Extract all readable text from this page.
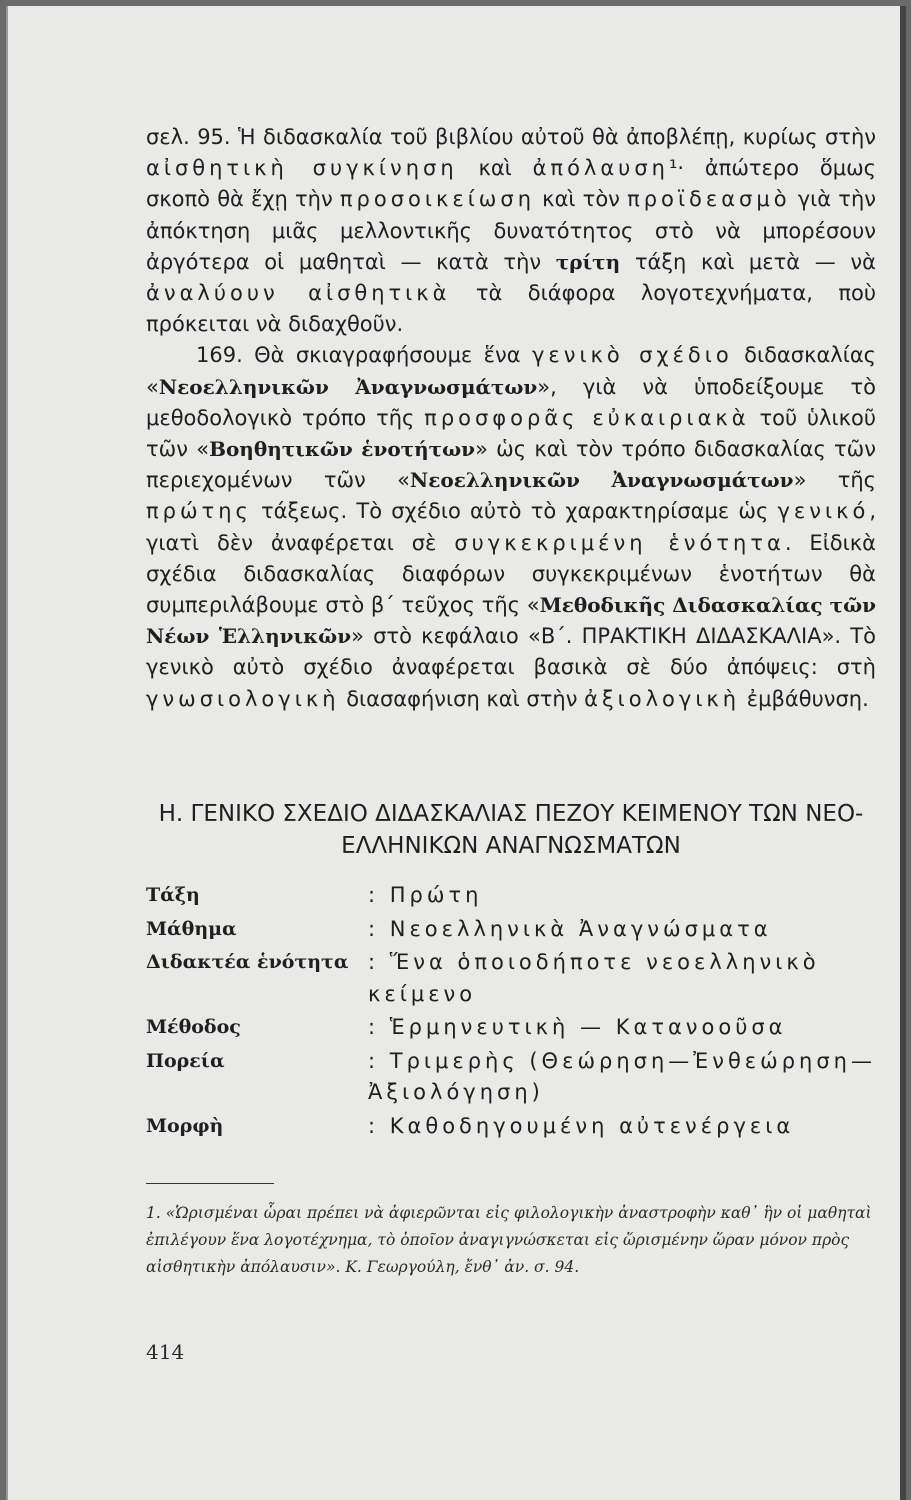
σελ. 95. Ἡ διδασκαλία τοῦ βιβλίου αὐτοῦ θὰ ἀποβλέπῃ, κυρίως στὴν αἰσθητικὴ συγκίνηση καὶ ἀπόλαυση¹· ἀπώτερο ὅμως σκοπὸ θὰ ἔχῃ τὴν προσοικείωση καὶ τὸν προϊδεασμὸ γιὰ τὴν ἀπόκτηση μιᾶς μελλοντικῆς δυνατότητος στὸ νὰ μπορέσουν ἀργότερα οἱ μαθηταὶ — κατὰ τὴν τρίτη τάξη καὶ μετὰ — νὰ ἀναλύουν αἰσθητικὰ τὰ διάφορα λογοτεχνήματα, ποὺ πρόκειται νὰ διδαχθοῦν.

169. Θὰ σκιαγραφήσουμε ἕνα γενικὸ σχέδιο διδασκαλίας «Νεοελληνικῶν Ἀναγνωσμάτων», γιὰ νὰ ὑποδείξουμε τὸ μεθοδολογικὸ τρόπο τῆς προσφορᾶς εὐκαιριακὰ τοῦ ὑλικοῦ τῶν «Βοηθητικῶν ἑνοτήτων» ὡς καὶ τὸν τρόπο διδασκαλίας τῶν περιεχομένων τῶν «Νεοελληνικῶν Ἀναγνωσμάτων» τῆς πρώτης τάξεως. Τὸ σχέδιο αὐτὸ τὸ χαρακτηρίσαμε ὡς γενικό, γιατὶ δὲν ἀναφέρεται σὲ συγκεκριμένη ἑνότητα. Εἰδικὰ σχέδια διδασκαλίας διαφόρων συγκεκριμένων ἑνοτήτων θὰ συμπεριλάβουμε στὸ β΄ τεῦχος τῆς «Μεθοδικῆς Διδασκαλίας τῶν Νέων Ἑλληνικῶν» στὸ κεφάλαιο «Β΄. ΠΡΑΚΤΙΚΗ ΔΙΔΑΣΚΑΛΙΑ». Τὸ γενικὸ αὐτὸ σχέδιο ἀναφέρεται βασικὰ σὲ δύο ἀπόψεις: στὴ γνωσιολογικὴ διασαφήνιση καὶ στὴν ἀξιολογικὴ ἐμβάθυνση.

Η. ΓΕΝΙΚΟ ΣΧΕΔΙΟ ΔΙΔΑΣΚΑΛΙΑΣ ΠΕΖΟΥ ΚΕΙΜΕΝΟΥ ΤΩΝ ΝΕΟ-
ΕΛΛΗΝΙΚΩΝ ΑΝΑΓΝΩΣΜΑΤΩΝ
Τάξη	: Πρώτη
Μάθημα	: Νεοελληνικὰ Ἀναγνώσματα
Διδακτέα ἑνότητα : Ἕνα ὁποιοδήποτε νεοελληνικὸ κείμενο
Μέθοδος	: Ἑρμηνευτικὴ — Κατανοοῦσα
Πορεία	: Τριμερὴς (Θεώρηση—Ἐνθεώρηση—Ἀξιολόγηση)
Μορφὴ	: Καθοδηγουμένη αὐτενέργεια
1. «Ὡρισμέναι ὧραι πρέπει νὰ ἀφιερῶνται εἰς φιλολογικὴν ἀναστροφὴν καθ᾽ ἣν οἱ μαθηταὶ ἐπιλέγουν ἕνα λογοτέχνημα, τὸ ὁποῖον ἀναγιγνώσκεται εἰς ὥρισμένην ὥραν μόνον πρὸς αἰσθητικὴν ἀπόλαυσιν». Κ. Γεωργούλη, ἔνθ᾽ ἀν. σ. 94.
414
